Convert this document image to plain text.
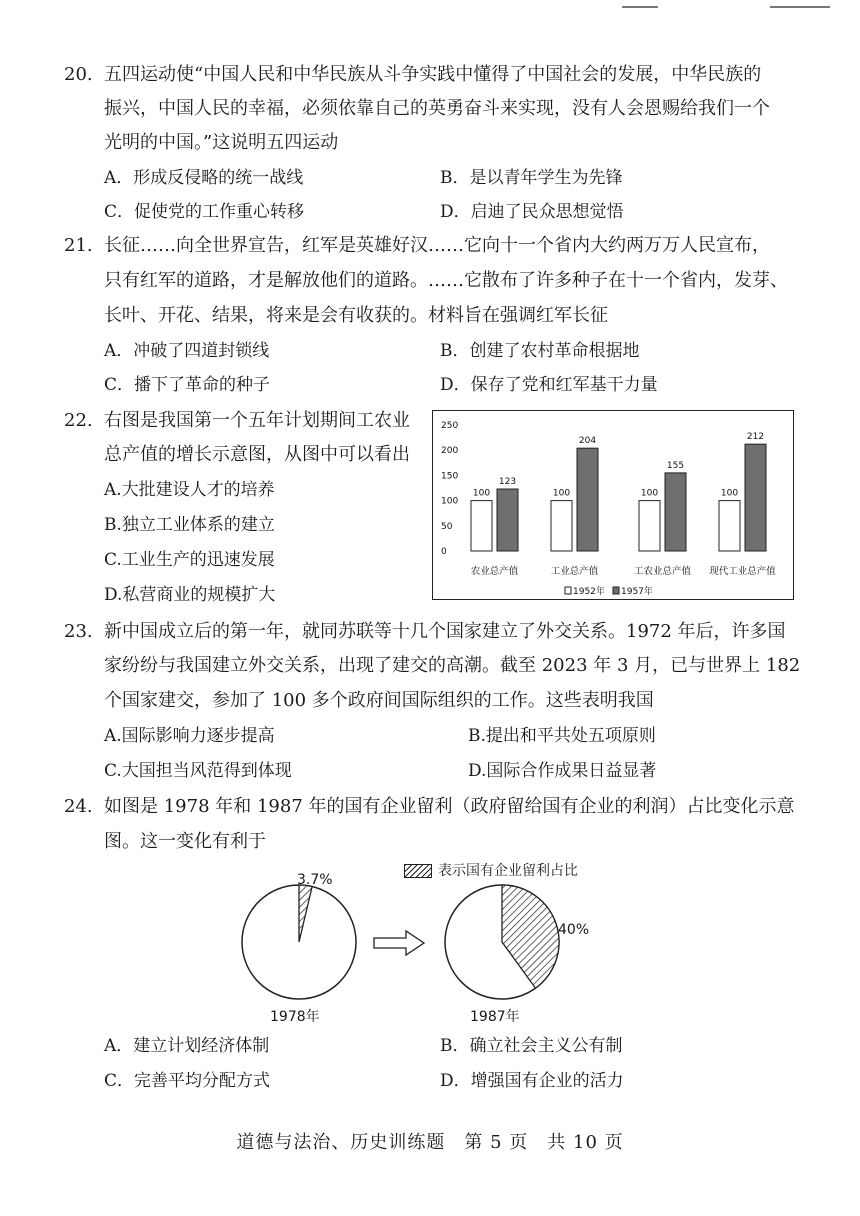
20. 五四运动使“中国人民和中华民族从斗争实践中懂得了中国社会的发展，中华民族的
振兴，中国人民的幸福，必须依靠自己的英勇奋斗来实现，没有人会恩赐给我们一个
光明的中国。”这说明五四运动
A．形成反侵略的统一战线	B．是以青年学生为先锋
C．促使党的工作重心转移	D．启迪了民众思想觉悟
21. 长征……向全世界宣告，红军是英雄好汉……它向十一个省内大约两万万人民宣布，
只有红军的道路，才是解放他们的道路。……它散布了许多种子在十一个省内，发芽、
长叶、开花、结果，将来是会有收获的。材料旨在强调红军长征
A．冲破了四道封锁线	B．创建了农村革命根据地
C．播下了革命的种子	D．保存了党和红军基干力量
22. 右图是我国第一个五年计划期间工农业
总产值的增长示意图，从图中可以看出
A.大批建设人才的培养
B.独立工业体系的建立
C.工业生产的迅速发展
D.私营商业的规模扩大
0
50
100
150
200
250
100
123
农业总产值
100
204
工业总产值
100
155
工农业总产值
100
212
现代工业总产值
1952年 1957年
23. 新中国成立后的第一年，就同苏联等十几个国家建立了外交关系。1972 年后，许多国
家纷纷与我国建立外交关系，出现了建交的高潮。截至 2023 年 3 月，已与世界上 182
个国家建交，参加了 100 多个政府间国际组织的工作。这些表明我国
A.国际影响力逐步提高	B.提出和平共处五项原则
C.大国担当风范得到体现	D.国际合作成果日益显著
24. 如图是 1978 年和 1987 年的国有企业留利（政府留给国有企业的利润）占比变化示意
图。这一变化有利于
表示国有企业留利占比
3.7%
40%
1978年	1987年
A．建立计划经济体制	B．确立社会主义公有制
C．完善平均分配方式	D．增强国有企业的活力
道德与法治、历史训练题　第 5 页　共 10 页
